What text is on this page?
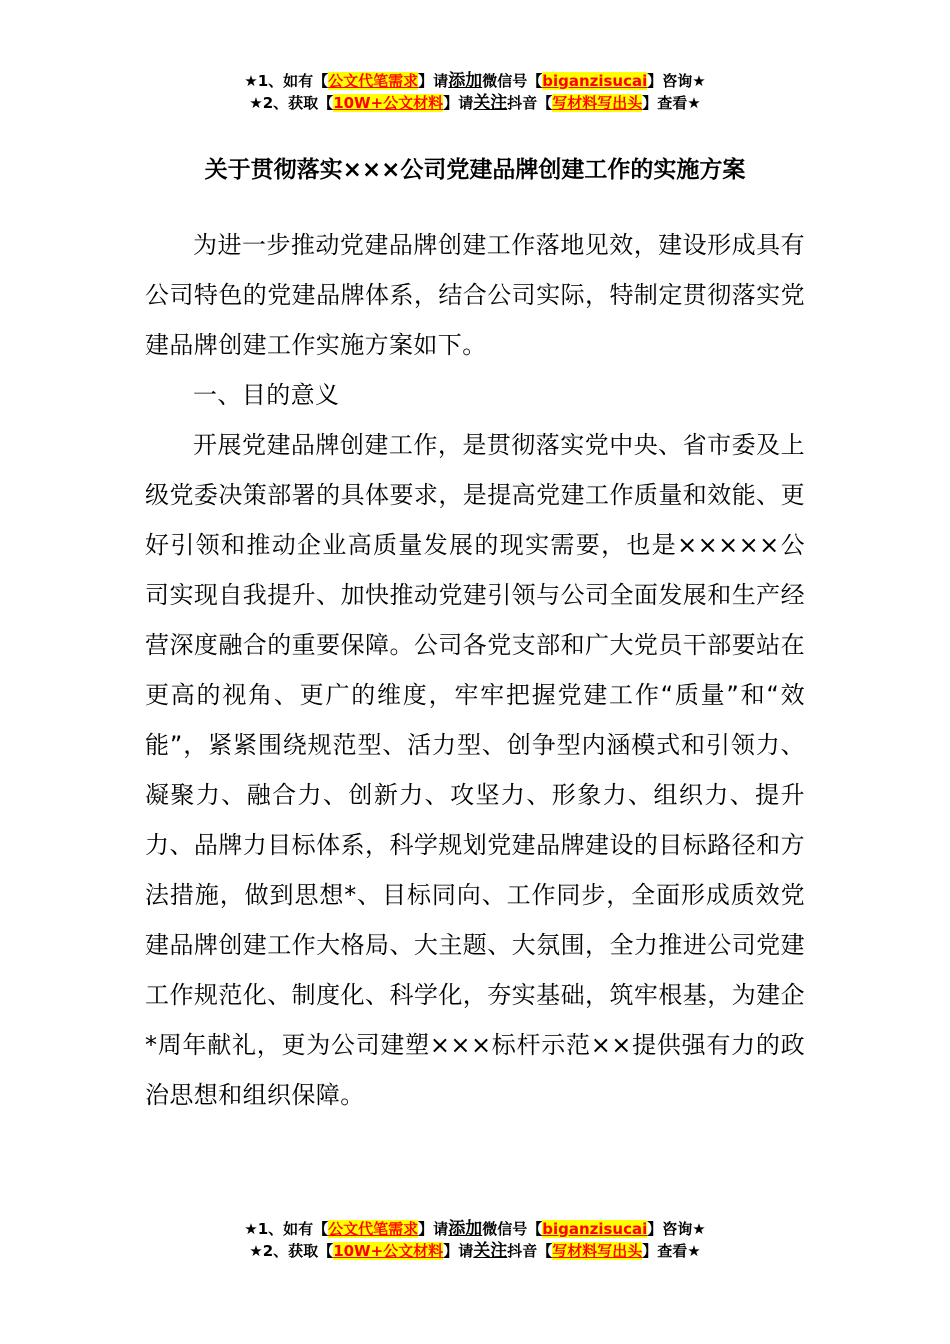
★1、如有【公文代笔需求】请添加微信号【biganzisucai】咨询★
★2、获取【10W+公文材料】请关注抖音【写材料写出头】查看★
关于贯彻落实×××公司党建品牌创建工作的实施方案

为进一步推动党建品牌创建工作落地见效，建设形成具有公司特色的党建品牌体系，结合公司实际，特制定贯彻落实党建品牌创建工作实施方案如下。

一、目的意义

开展党建品牌创建工作，是贯彻落实党中央、省市委及上级党委决策部署的具体要求，是提高党建工作质量和效能、更好引领和推动企业高质量发展的现实需要，也是×××××公司实现自我提升、加快推动党建引领与公司全面发展和生产经营深度融合的重要保障。公司各党支部和广大党员干部要站在更高的视角、更广的维度，牢牢把握党建工作“质量”和“效能”，紧紧围绕规范型、活力型、创争型内涵模式和引领力、凝聚力、融合力、创新力、攻坚力、形象力、组织力、提升力、品牌力目标体系，科学规划党建品牌建设的目标路径和方法措施，做到思想*、目标同向、工作同步，全面形成质效党建品牌创建工作大格局、大主题、大氛围，全力推进公司党建工作规范化、制度化、科学化，夯实基础，筑牢根基，为建企*周年献礼，更为公司建塑×××标杆示范××提供强有力的政治思想和组织保障。

★1、如有【公文代笔需求】请添加微信号【biganzisucai】咨询★
★2、获取【10W+公文材料】请关注抖音【写材料写出头】查看★
